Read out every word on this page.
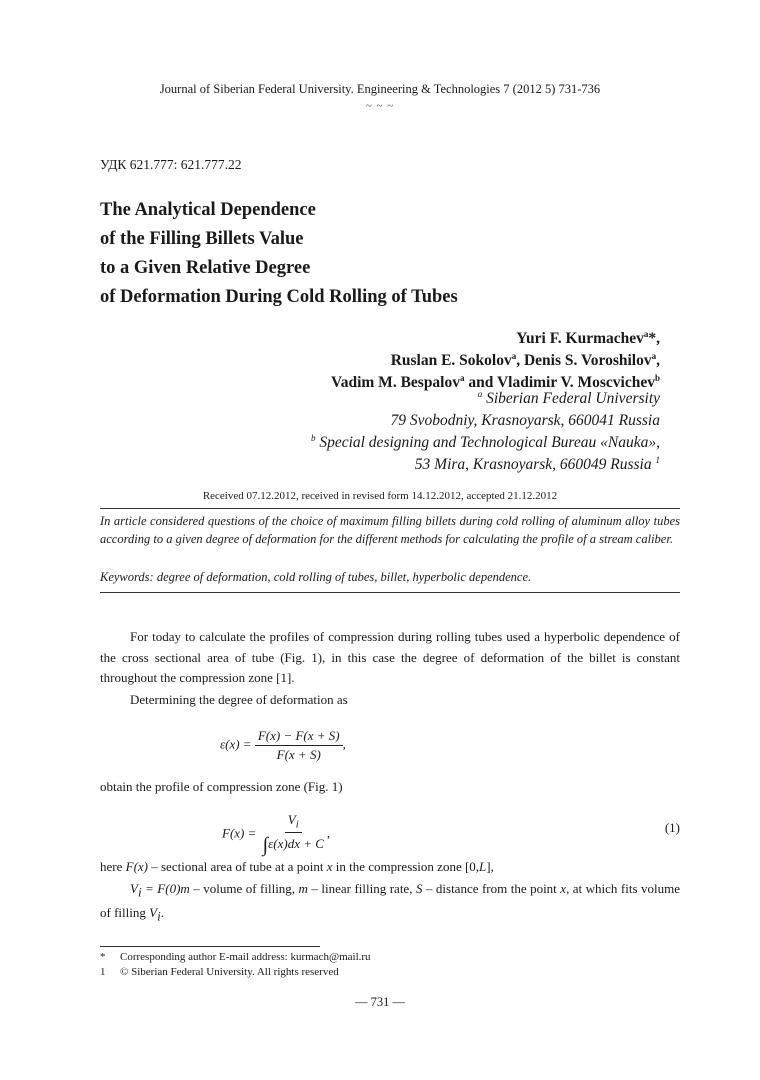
Journal of Siberian Federal University. Engineering & Technologies 7 (2012 5) 731-736
~ ~ ~
УДК 621.777: 621.777.22
The Analytical Dependence
of the Filling Billets Value
to a Given Relative Degree
of Deformation During Cold Rolling of Tubes
Yuri F. Kurmachev$^a$*,
Ruslan E. Sokolov$^a$, Denis S. Voroshilov$^a$,
Vadim M. Bespalov$^a$ and Vladimir V. Moscvichev$^b$
$^a$ Siberian Federal University
79 Svobodniy, Krasnoyarsk, 660041 Russia
$^b$ Special designing and Technological Bureau «Nauka»,
53 Mira, Krasnoyarsk, 660049 Russia $^1$
Received 07.12.2012, received in revised form 14.12.2012, accepted 21.12.2012
In article considered questions of the choice of maximum filling billets during cold rolling of aluminum alloy tubes according to a given degree of deformation for the different methods for calculating the profile of a stream caliber.
Keywords: degree of deformation, cold rolling of tubes, billet, hyperbolic dependence.
For today to calculate the profiles of compression during rolling tubes used a hyperbolic dependence of the cross sectional area of tube (Fig. 1), in this case the degree of deformation of the billet is constant throughout the compression zone [1].
Determining the degree of deformation as
$\varepsilon(x) = \frac{F(x) - F(x + S)}{F(x + S)}$ ,
obtain the profile of compression zone (Fig. 1)
$F(x) = \frac{V_i}{\int\varepsilon(x)dx + C}$ ,	(1)
here F(x) – sectional area of tube at a point x in the compression zone [0,L],
$V_i = F(0)m$ – volume of filling, m – linear filling rate, S – distance from the point x, at which fits volume of filling $V_i$.
* Corresponding author E-mail address: kurmach@mail.ru
1 © Siberian Federal University. All rights reserved
— 731 —
